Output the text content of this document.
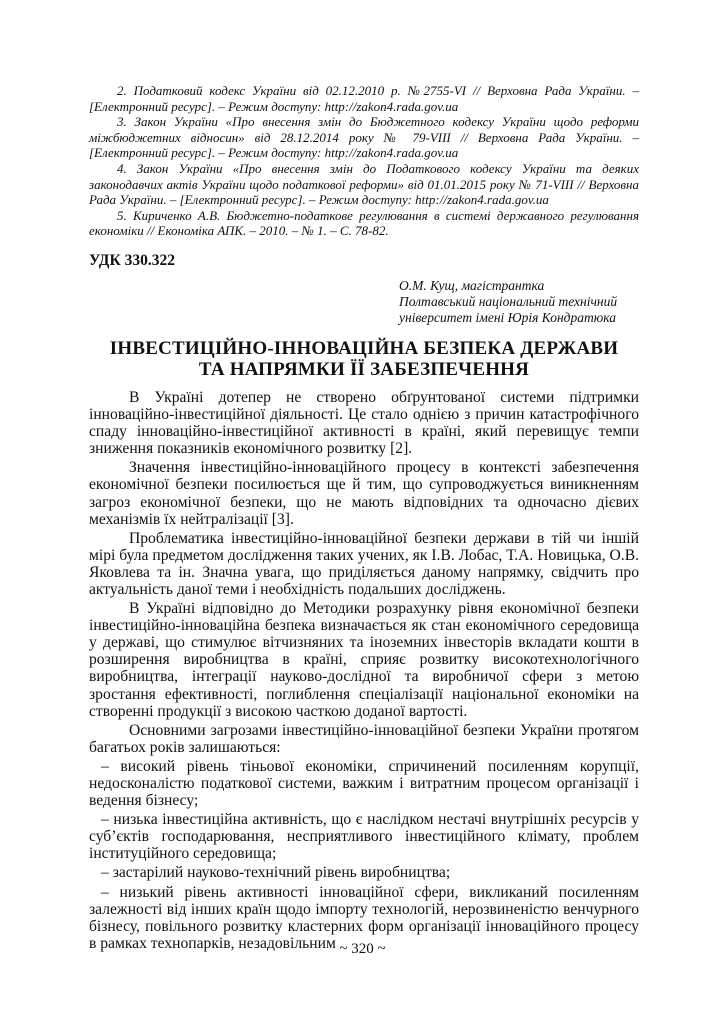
2. Податковий кодекс України від 02.12.2010 р. №2755-VI // Верховна Рада України. – [Електронний ресурс]. – Режим доступу: http://zakon4.rada.gov.ua

3. Закон України «Про внесення змін до Бюджетного кодексу України щодо реформи міжбюджетних відносин» від 28.12.2014 року № 79-VIII // Верховна Рада України. – [Електронний ресурс]. – Режим доступу: http://zakon4.rada.gov.ua

4. Закон України «Про внесення змін до Податкового кодексу України та деяких законодавчих актів України щодо податкової реформи» від 01.01.2015 року № 71-VIII // Верховна Рада України. – [Електронний ресурс]. – Режим доступу: http://zakon4.rada.gov.ua

5. Кириченко А.В. Бюджетно-податкове регулювання в системі державного регулювання економіки // Економіка АПК. – 2010. – № 1. – С. 78-82.

УДК 330.322
О.М. Кущ, магістрантка
Полтавський національний технічний
університет імені Юрія Кондратюка
ІНВЕСТИЦІЙНО-ІННОВАЦІЙНА БЕЗПЕКА ДЕРЖАВИ
ТА НАПРЯМКИ ЇЇ ЗАБЕЗПЕЧЕННЯ

В Україні дотепер не створено обґрунтованої системи підтримки інноваційно-інвестиційної діяльності. Це стало однією з причин катастрофічного спаду інноваційно-інвестиційної активності в країні, який перевищує темпи зниження показників економічного розвитку [2].

Значення інвестиційно-інноваційного процесу в контексті забезпечення економічної безпеки посилюється ще й тим, що супроводжується виникненням загроз економічної безпеки, що не мають відповідних та одночасно дієвих механізмів їх нейтралізації [3].

Проблематика інвестиційно-інноваційної безпеки держави в тій чи іншій мірі була предметом дослідження таких учених, як І.В. Лобас, Т.А. Новицька, О.В. Яковлева та ін. Значна увага, що приділяється даному напрямку, свідчить про актуальність даної теми і необхідність подальших досліджень.

В Україні відповідно до Методики розрахунку рівня економічної безпеки інвестиційно-інноваційна безпека визначається як стан економічного середовища у державі, що стимулює вітчизняних та іноземних інвесторів вкладати кошти в розширення виробництва в країні, сприяє розвитку високотехнологічного виробництва, інтеграції науково-дослідної та виробничої сфери з метою зростання ефективності, поглиблення спеціалізації національної економіки на створенні продукції з високою часткою доданої вартості.

Основними загрозами інвестиційно-інноваційної безпеки України протягом багатьох років залишаються:

– високий рівень тіньової економіки, спричинений посиленням корупції, недосконалістю податкової системи, важким і витратним процесом організації і ведення бізнесу;

– низька інвестиційна активність, що є наслідком нестачі внутрішніх ресурсів у суб’єктів господарювання, несприятливого інвестиційного клімату, проблем інституційного середовища;

– застарілий науково-технічний рівень виробництва;

– низький рівень активності інноваційної сфери, викликаний посиленням залежності від інших країн щодо імпорту технологій, нерозвиненістю венчурного бізнесу, повільного розвитку кластерних форм організації інноваційного процесу в рамках технопарків, незадовільним ~ 320 ~
